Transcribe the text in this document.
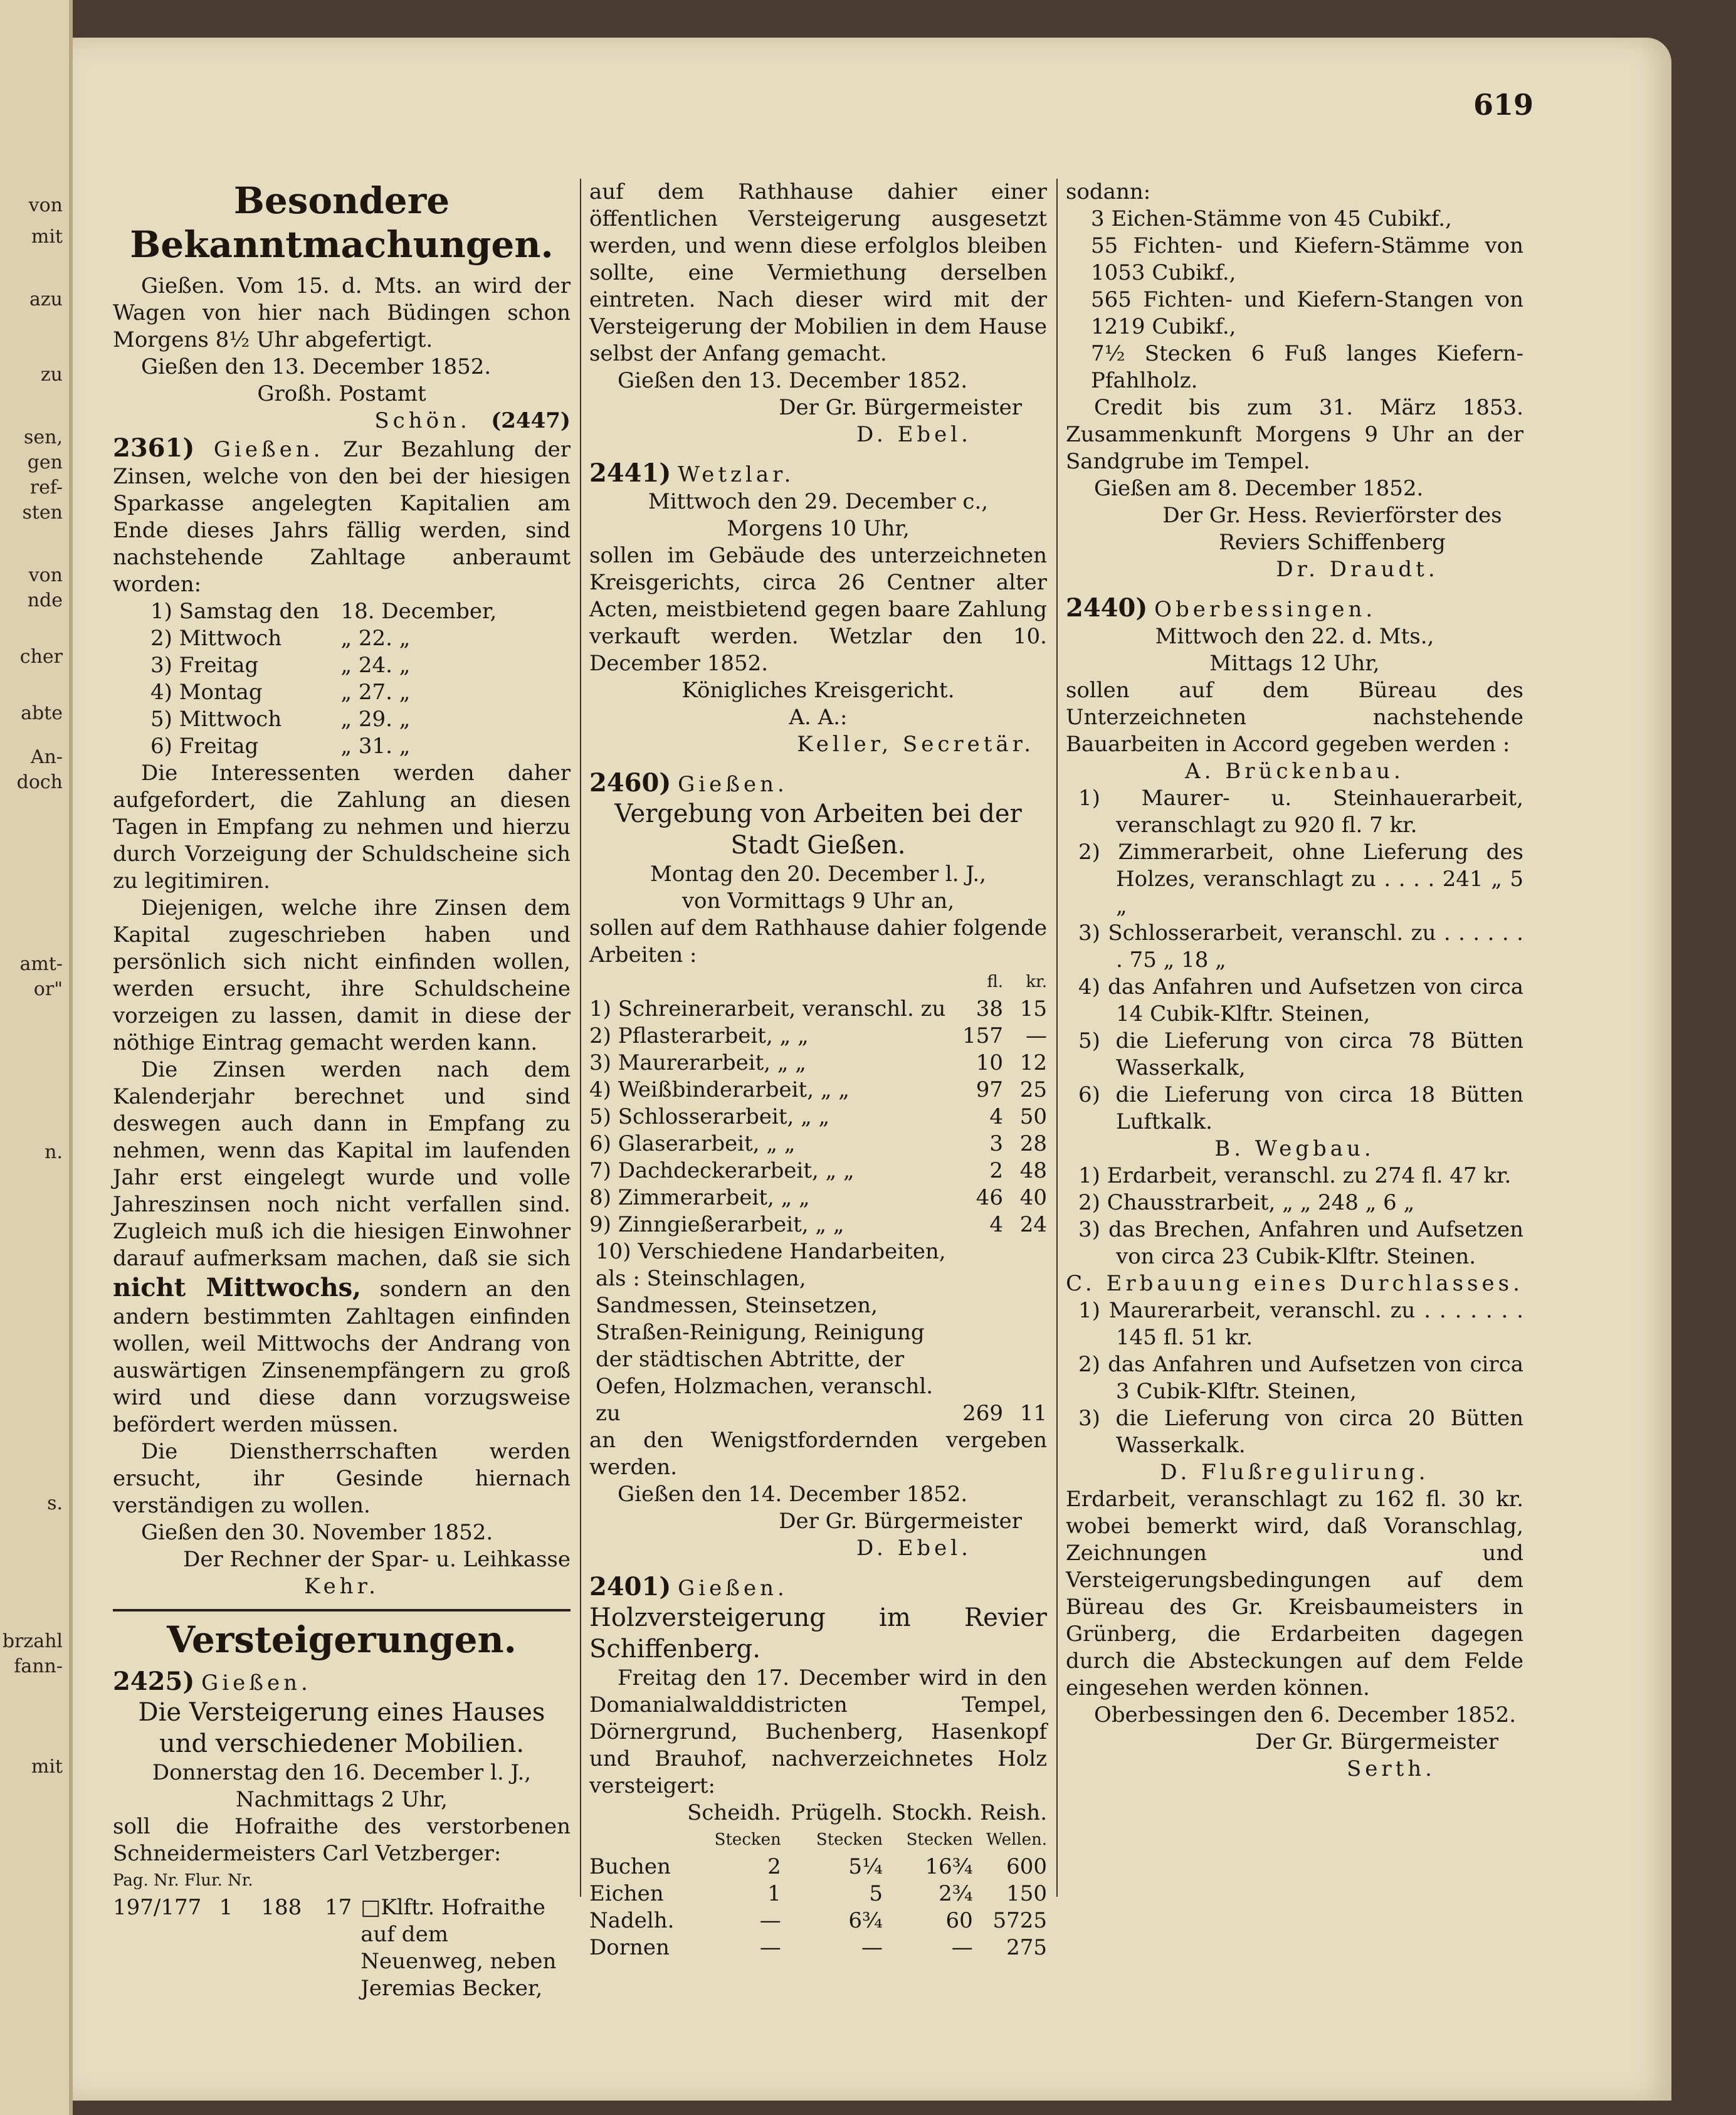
von
mit
azu
zu
sen,
gen
ref-
sten
von
nde
cher
abte
An-
doch
amt-
or"
n.
s.
brzahl
fann-
mit
619
Besondere Bekanntmachungen.

Gießen. Vom 15. d. Mts. an wird der Wagen von hier nach Büdingen schon Morgens 8½ Uhr abgefertigt.

Gießen den 13. December 1852.

Großh. Postamt

Schön. (2447)

2361) Gießen. Zur Bezahlung der Zinsen, welche von den bei der hiesigen Sparkasse angelegten Kapitalien am Ende dieses Jahrs fällig werden, sind nachstehende Zahltage anberaumt worden:

1) Samstag den	18. December,
2) Mittwoch	„ 22. „
3) Freitag	„ 24. „
4) Montag	„ 27. „
5) Mittwoch	„ 29. „
6) Freitag	„ 31. „

Die Interessenten werden daher aufgefordert, die Zahlung an diesen Tagen in Empfang zu nehmen und hierzu durch Vorzeigung der Schuldscheine sich zu legitimiren.

Diejenigen, welche ihre Zinsen dem Kapital zugeschrieben haben und persönlich sich nicht einfinden wollen, werden ersucht, ihre Schuldscheine vorzeigen zu lassen, damit in diese der nöthige Eintrag gemacht werden kann.

Die Zinsen werden nach dem Kalenderjahr berechnet und sind deswegen auch dann in Empfang zu nehmen, wenn das Kapital im laufenden Jahr erst eingelegt wurde und volle Jahreszinsen noch nicht verfallen sind. Zugleich muß ich die hiesigen Einwohner darauf aufmerksam machen, daß sie sich nicht Mittwochs, sondern an den andern bestimmten Zahltagen einfinden wollen, weil Mittwochs der Andrang von auswärtigen Zinsenempfängern zu groß wird und diese dann vorzugsweise befördert werden müssen.

Die Dienstherrschaften werden ersucht, ihr Gesinde hiernach verständigen zu wollen.

Gießen den 30. November 1852.

Der Rechner der Spar- u. Leihkasse

Kehr.

Versteigerungen.

2425) Gießen.

Die Versteigerung eines Hauses und verschiedener Mobilien.

Donnerstag den 16. December l. J.,

Nachmittags 2 Uhr,

soll die Hofraithe des verstorbenen Schneidermeisters Carl Vetzberger:

Pag. Nr. Flur. Nr.

197/177	1	188	17	□Klftr. Hofraithe auf dem Neuenweg, neben Jeremias Becker,

auf dem Rathhause dahier einer öffentlichen Versteigerung ausgesetzt werden, und wenn diese erfolglos bleiben sollte, eine Vermiethung derselben eintreten. Nach dieser wird mit der Versteigerung der Mobilien in dem Hause selbst der Anfang gemacht.

Gießen den 13. December 1852.

Der Gr. Bürgermeister

D. Ebel.

2441) Wetzlar.

Mittwoch den 29. December c.,

Morgens 10 Uhr,

sollen im Gebäude des unterzeichneten Kreisgerichts, circa 26 Centner alter Acten, meistbietend gegen baare Zahlung verkauft werden. Wetzlar den 10. December 1852.

Königliches Kreisgericht.

A. A.:

Keller, Secretär.

2460) Gießen.

Vergebung von Arbeiten bei der Stadt Gießen.

Montag den 20. December l. J.,

von Vormittags 9 Uhr an,

sollen auf dem Rathhause dahier folgende Arbeiten :

	fl.	kr.
1) Schreinerarbeit, veranschl. zu	38	15
2) Pflasterarbeit, „ „	157	—
3) Maurerarbeit, „ „	10	12
4) Weißbinderarbeit, „ „	97	25
5) Schlosserarbeit, „ „	4	50
6) Glaserarbeit, „ „	3	28
7) Dachdeckerarbeit, „ „	2	48
8) Zimmerarbeit, „ „	46	40
9) Zinngießerarbeit, „ „	4	24
10) Verschiedene Handarbeiten, als : Steinschlagen, Sandmessen, Steinsetzen, Straßen-Reinigung, Reinigung der städtischen Abtritte, der Oefen, Holzmachen, veranschl. zu	269	11

an den Wenigstfordernden vergeben werden.

Gießen den 14. December 1852.

Der Gr. Bürgermeister

D. Ebel.

2401) Gießen.

Holzversteigerung im Revier Schiffenberg.

Freitag den 17. December wird in den Domanialwalddistricten Tempel, Dörnergrund, Buchenberg, Hasenkopf und Brauhof, nachverzeichnetes Holz versteigert:

	Scheidh.	Prügelh.	Stockh.	Reish.
	Stecken	Stecken	Stecken	Wellen.
Buchen	2	5¼	16¾	600
Eichen	1	5	2¾	150
Nadelh.	—	6¾	60	5725
Dornen	—	—	—	275

sodann:

3 Eichen-Stämme von 45 Cubikf.,

55 Fichten- und Kiefern-Stämme von 1053 Cubikf.,

565 Fichten- und Kiefern-Stangen von 1219 Cubikf.,

7½ Stecken 6 Fuß langes Kiefern-Pfahlholz.

Credit bis zum 31. März 1853. Zusammenkunft Morgens 9 Uhr an der Sandgrube im Tempel.

Gießen am 8. December 1852.

Der Gr. Hess. Revierförster des Reviers Schiffenberg

Dr. Draudt.

2440) Oberbessingen.

Mittwoch den 22. d. Mts.,

Mittags 12 Uhr,

sollen auf dem Büreau des Unterzeichneten nachstehende Bauarbeiten in Accord gegeben werden :

A. Brückenbau.

1) Maurer- u. Steinhauerarbeit, veranschlagt zu 920 fl. 7 kr.

2) Zimmerarbeit, ohne Lieferung des Holzes, veranschlagt zu . . . . 241 „ 5 „

3) Schlosserarbeit, veranschl. zu . . . . . . . 75 „ 18 „

4) das Anfahren und Aufsetzen von circa 14 Cubik-Klftr. Steinen,

5) die Lieferung von circa 78 Bütten Wasserkalk,

6) die Lieferung von circa 18 Bütten Luftkalk.

B. Wegbau.

1) Erdarbeit, veranschl. zu 274 fl. 47 kr.

2) Chausstrarbeit, „ „ 248 „ 6 „

3) das Brechen, Anfahren und Aufsetzen von circa 23 Cubik-Klftr. Steinen.

C. Erbauung eines Durchlasses.

1) Maurerarbeit, veranschl. zu . . . . . . . 145 fl. 51 kr.

2) das Anfahren und Aufsetzen von circa 3 Cubik-Klftr. Steinen,

3) die Lieferung von circa 20 Bütten Wasserkalk.

D. Flußregulirung.

Erdarbeit, veranschlagt zu 162 fl. 30 kr. wobei bemerkt wird, daß Voranschlag, Zeichnungen und Versteigerungsbedingungen auf dem Büreau des Gr. Kreisbaumeisters in Grünberg, die Erdarbeiten dagegen durch die Absteckungen auf dem Felde eingesehen werden können.

Oberbessingen den 6. December 1852.

Der Gr. Bürgermeister

Serth.
